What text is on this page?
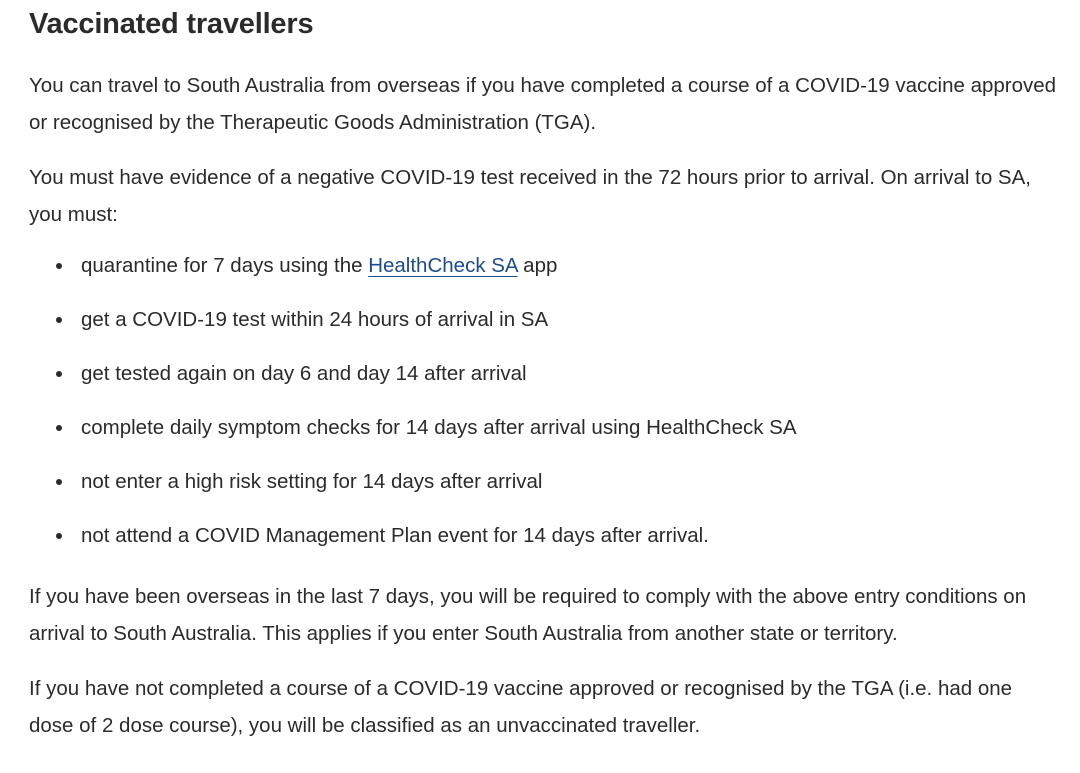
Vaccinated travellers

You can travel to South Australia from overseas if you have completed a course of a COVID-19 vaccine approved or recognised by the Therapeutic Goods Administration (TGA).

You must have evidence of a negative COVID-19 test received in the 72 hours prior to arrival. On arrival to SA, you must:

quarantine for 7 days using the HealthCheck SA app
get a COVID-19 test within 24 hours of arrival in SA
get tested again on day 6 and day 14 after arrival
complete daily symptom checks for 14 days after arrival using HealthCheck SA
not enter a high risk setting for 14 days after arrival
not attend a COVID Management Plan event for 14 days after arrival.

If you have been overseas in the last 7 days, you will be required to comply with the above entry conditions on arrival to South Australia. This applies if you enter South Australia from another state or territory.

If you have not completed a course of a COVID-19 vaccine approved or recognised by the TGA (i.e. had one dose of 2 dose course), you will be classified as an unvaccinated traveller.
